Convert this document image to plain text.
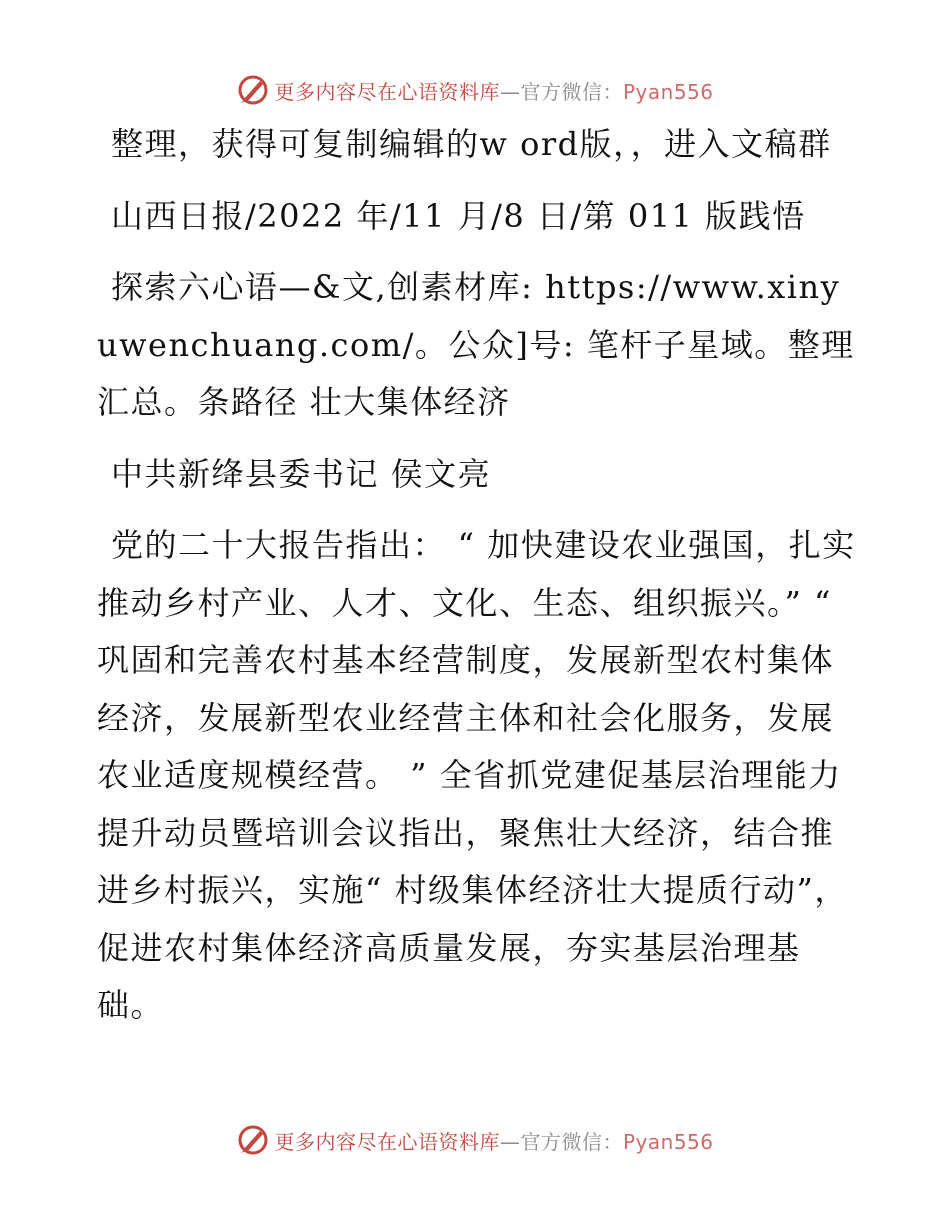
更多内容尽在心语资料库—官方微信：Pyan556

整理，获得可复制编辑的w ord版，，进入文稿群

山西日报/2022 年/11 月/8 日/第 011 版践悟

探索六心语—&文,创素材库: https://www.xinyuwenchuang.com/。公众]号: 笔杆子星域。整理汇总。条路径 壮大集体经济

中共新绛县委书记 侯文亮

党的二十大报告指出： “ 加快建设农业强国，扎实推动乡村产业、人才、文化、生态、组织振兴。” “ 巩固和完善农村基本经营制度，发展新型农村集体经济，发展新型农业经营主体和社会化服务，发展农业适度规模经营。 ” 全省抓党建促基层治理能力提升动员暨培训会议指出，聚焦壮大经济，结合推进乡村振兴，实施“ 村级集体经济壮大提质行动”，促进农村集体经济高质量发展，夯实基层治理基础。

更多内容尽在心语资料库—官方微信：Pyan556
